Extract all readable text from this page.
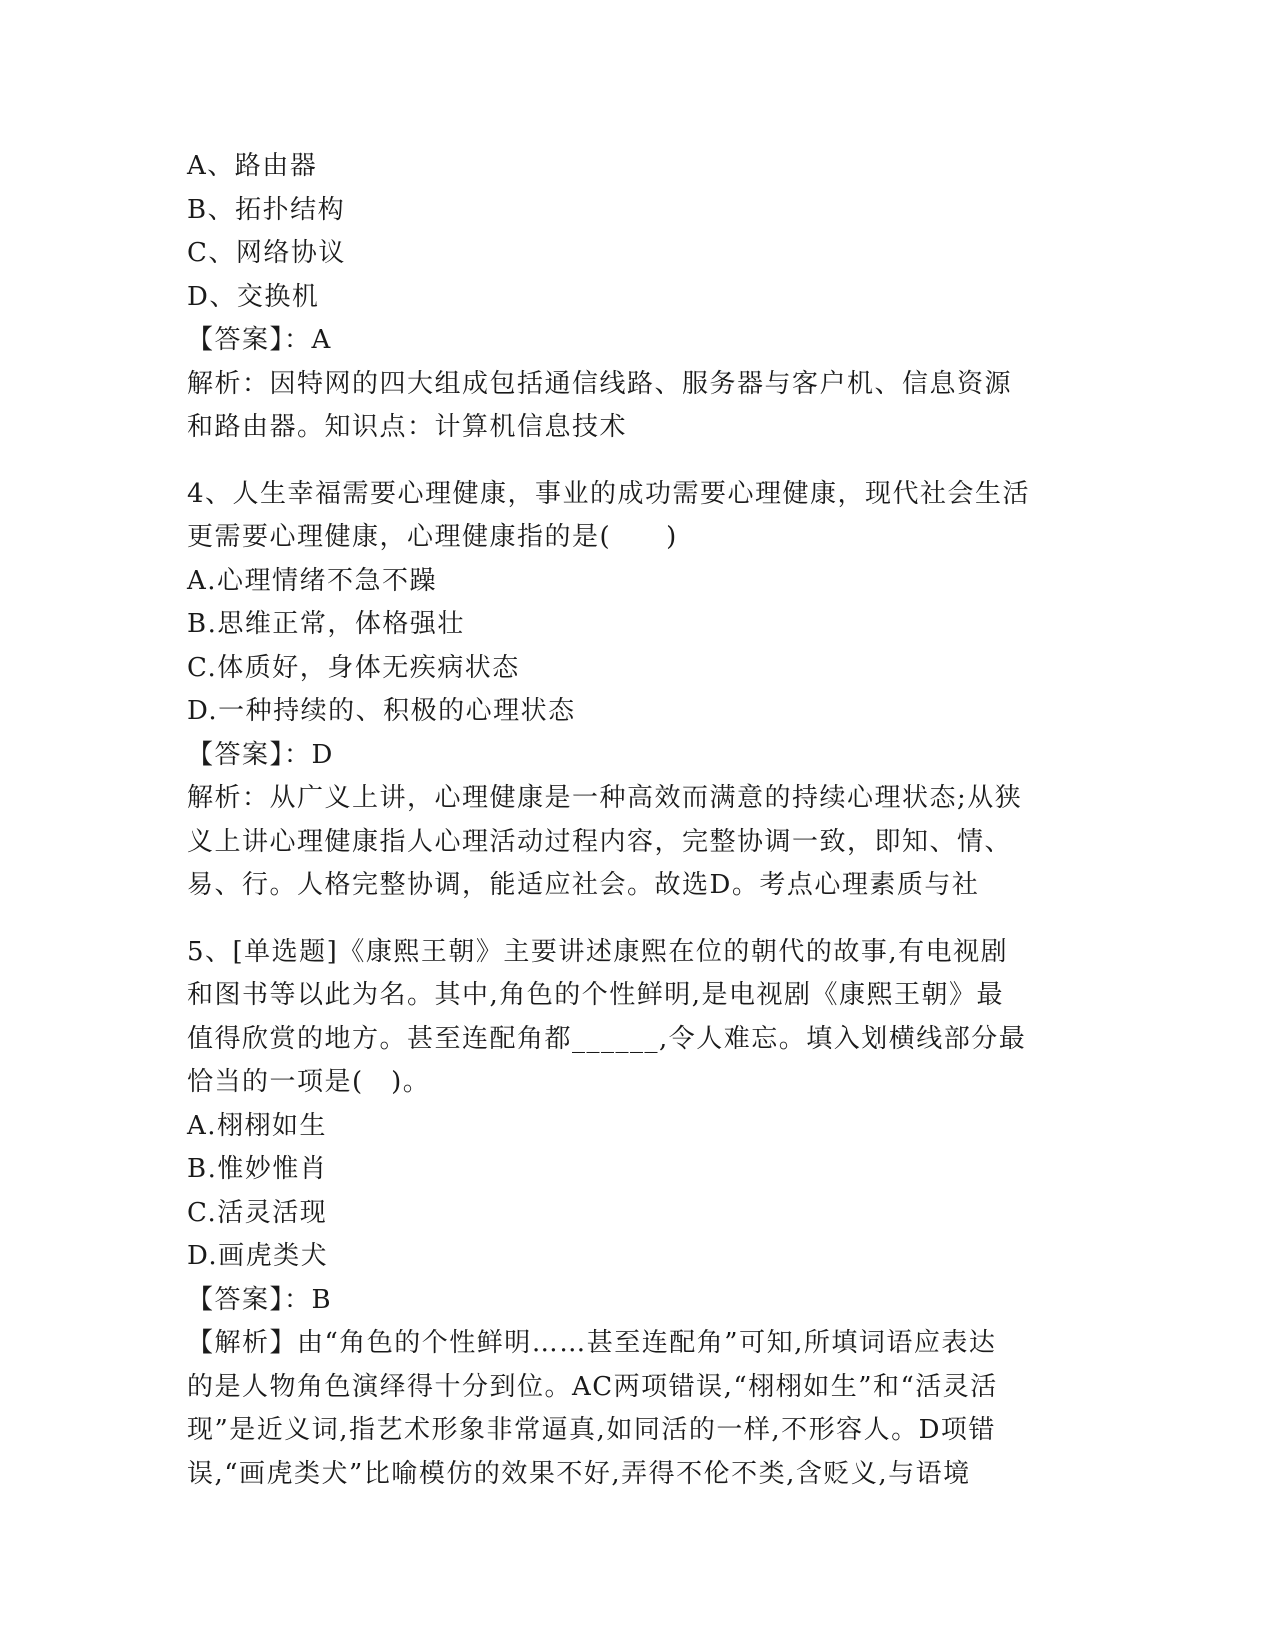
A、路由器

B、拓扑结构

C、网络协议

D、交换机

【答案】：A

解析：因特网的四大组成包括通信线路、服务器与客户机、信息资源

和路由器。知识点：计算机信息技术

4、人生幸福需要心理健康，事业的成功需要心理健康，现代社会生活

更需要心理健康，心理健康指的是(　　)

A.心理情绪不急不躁

B.思维正常，体格强壮

C.体质好，身体无疾病状态

D.一种持续的、积极的心理状态

【答案】：D

解析：从广义上讲，心理健康是一种高效而满意的持续心理状态;从狭

义上讲心理健康指人心理活动过程内容，完整协调一致，即知、情、

易、行。人格完整协调，能适应社会。故选D。考点心理素质与社

5、[单选题]《康熙王朝》主要讲述康熙在位的朝代的故事,有电视剧

和图书等以此为名。其中,角色的个性鲜明,是电视剧《康熙王朝》最

值得欣赏的地方。甚至连配角都______,令人难忘。填入划横线部分最

恰当的一项是(　)。

A.栩栩如生

B.惟妙惟肖

C.活灵活现

D.画虎类犬

【答案】：B

【解析】由“角色的个性鲜明……甚至连配角”可知,所填词语应表达

的是人物角色演绎得十分到位。AC两项错误,“栩栩如生”和“活灵活

现”是近义词,指艺术形象非常逼真,如同活的一样,不形容人。D项错

误,“画虎类犬”比喻模仿的效果不好,弄得不伦不类,含贬义,与语境
